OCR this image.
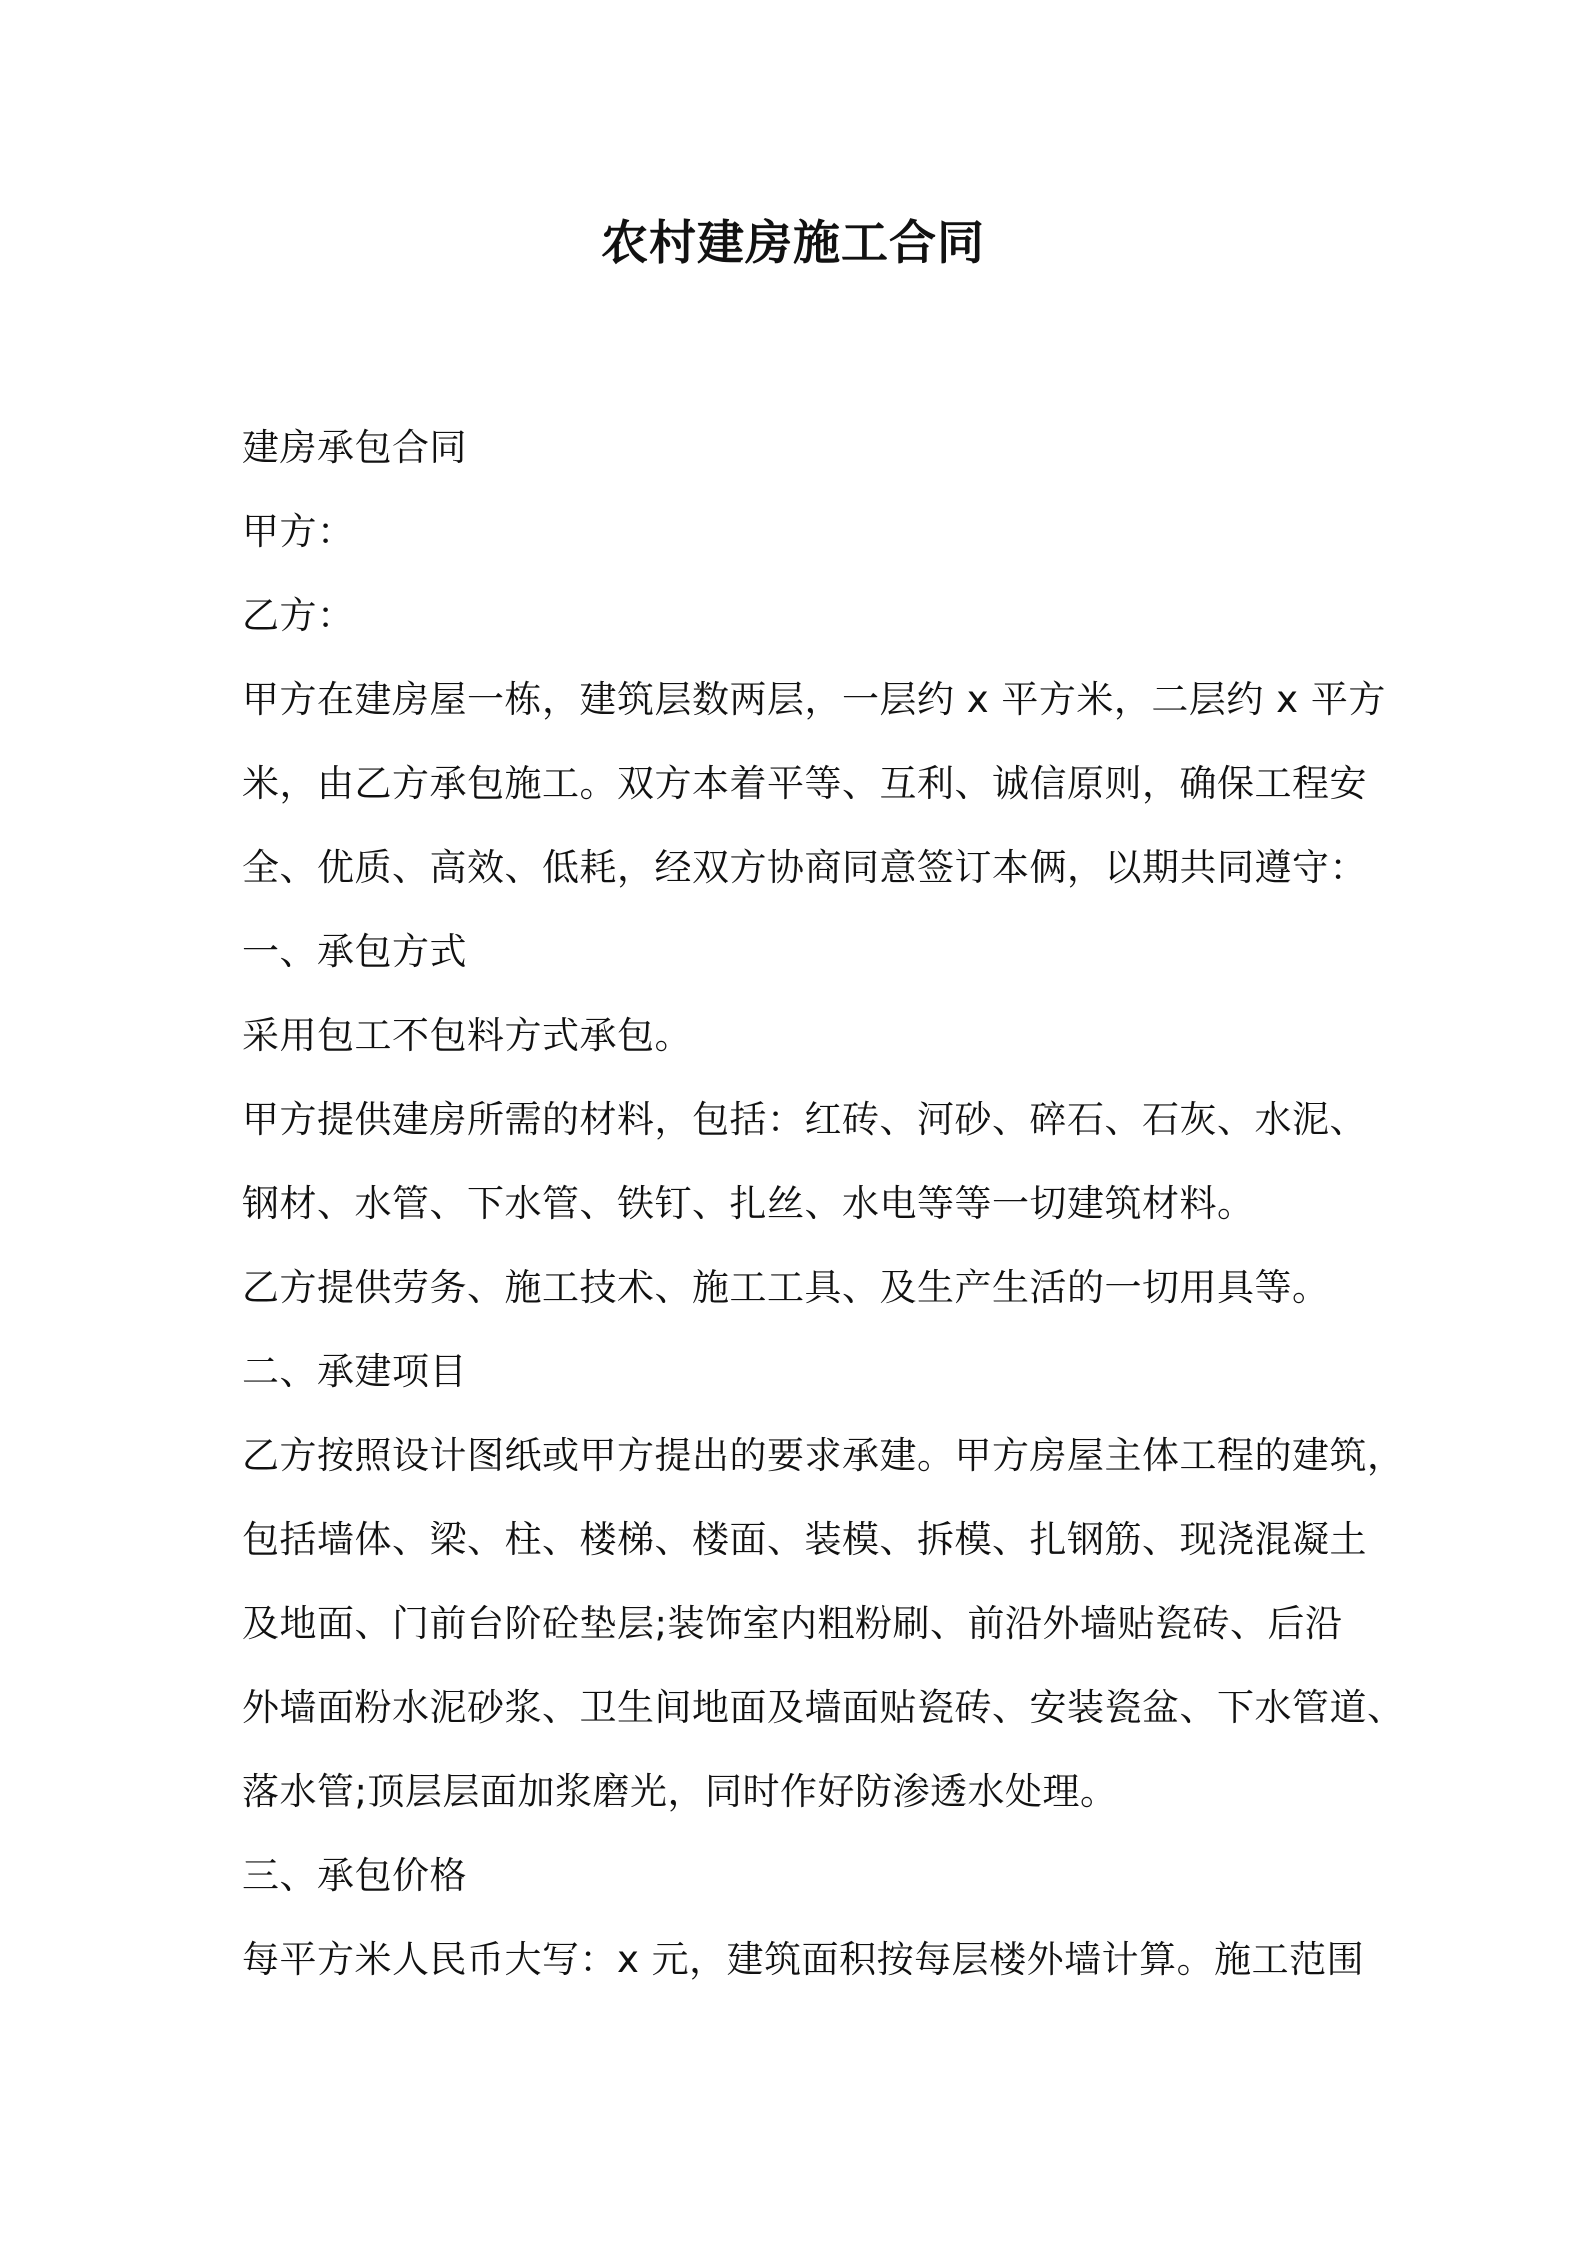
农村建房施工合同
建房承包合同
甲方：
乙方：
甲方在建房屋一栋，建筑层数两层，一层约 x 平方米，二层约 x 平方
米，由乙方承包施工。双方本着平等、互利、诚信原则，确保工程安
全、优质、高效、低耗，经双方协商同意签订本俩，以期共同遵守：
一、承包方式
采用包工不包料方式承包。
甲方提供建房所需的材料，包括：红砖、河砂、碎石、石灰、水泥、
钢材、水管、下水管、铁钉、扎丝、水电等等一切建筑材料。
乙方提供劳务、施工技术、施工工具、及生产生活的一切用具等。
二、承建项目
乙方按照设计图纸或甲方提出的要求承建。甲方房屋主体工程的建筑，
包括墙体、梁、柱、楼梯、楼面、装模、拆模、扎钢筋、现浇混凝土
及地面、门前台阶砼垫层;装饰室内粗粉刷、前沿外墙贴瓷砖、后沿
外墙面粉水泥砂浆、卫生间地面及墙面贴瓷砖、安装瓷盆、下水管道、
落水管;顶层层面加浆磨光，同时作好防渗透水处理。
三、承包价格
每平方米人民币大写：x 元，建筑面积按每层楼外墙计算。施工范围
